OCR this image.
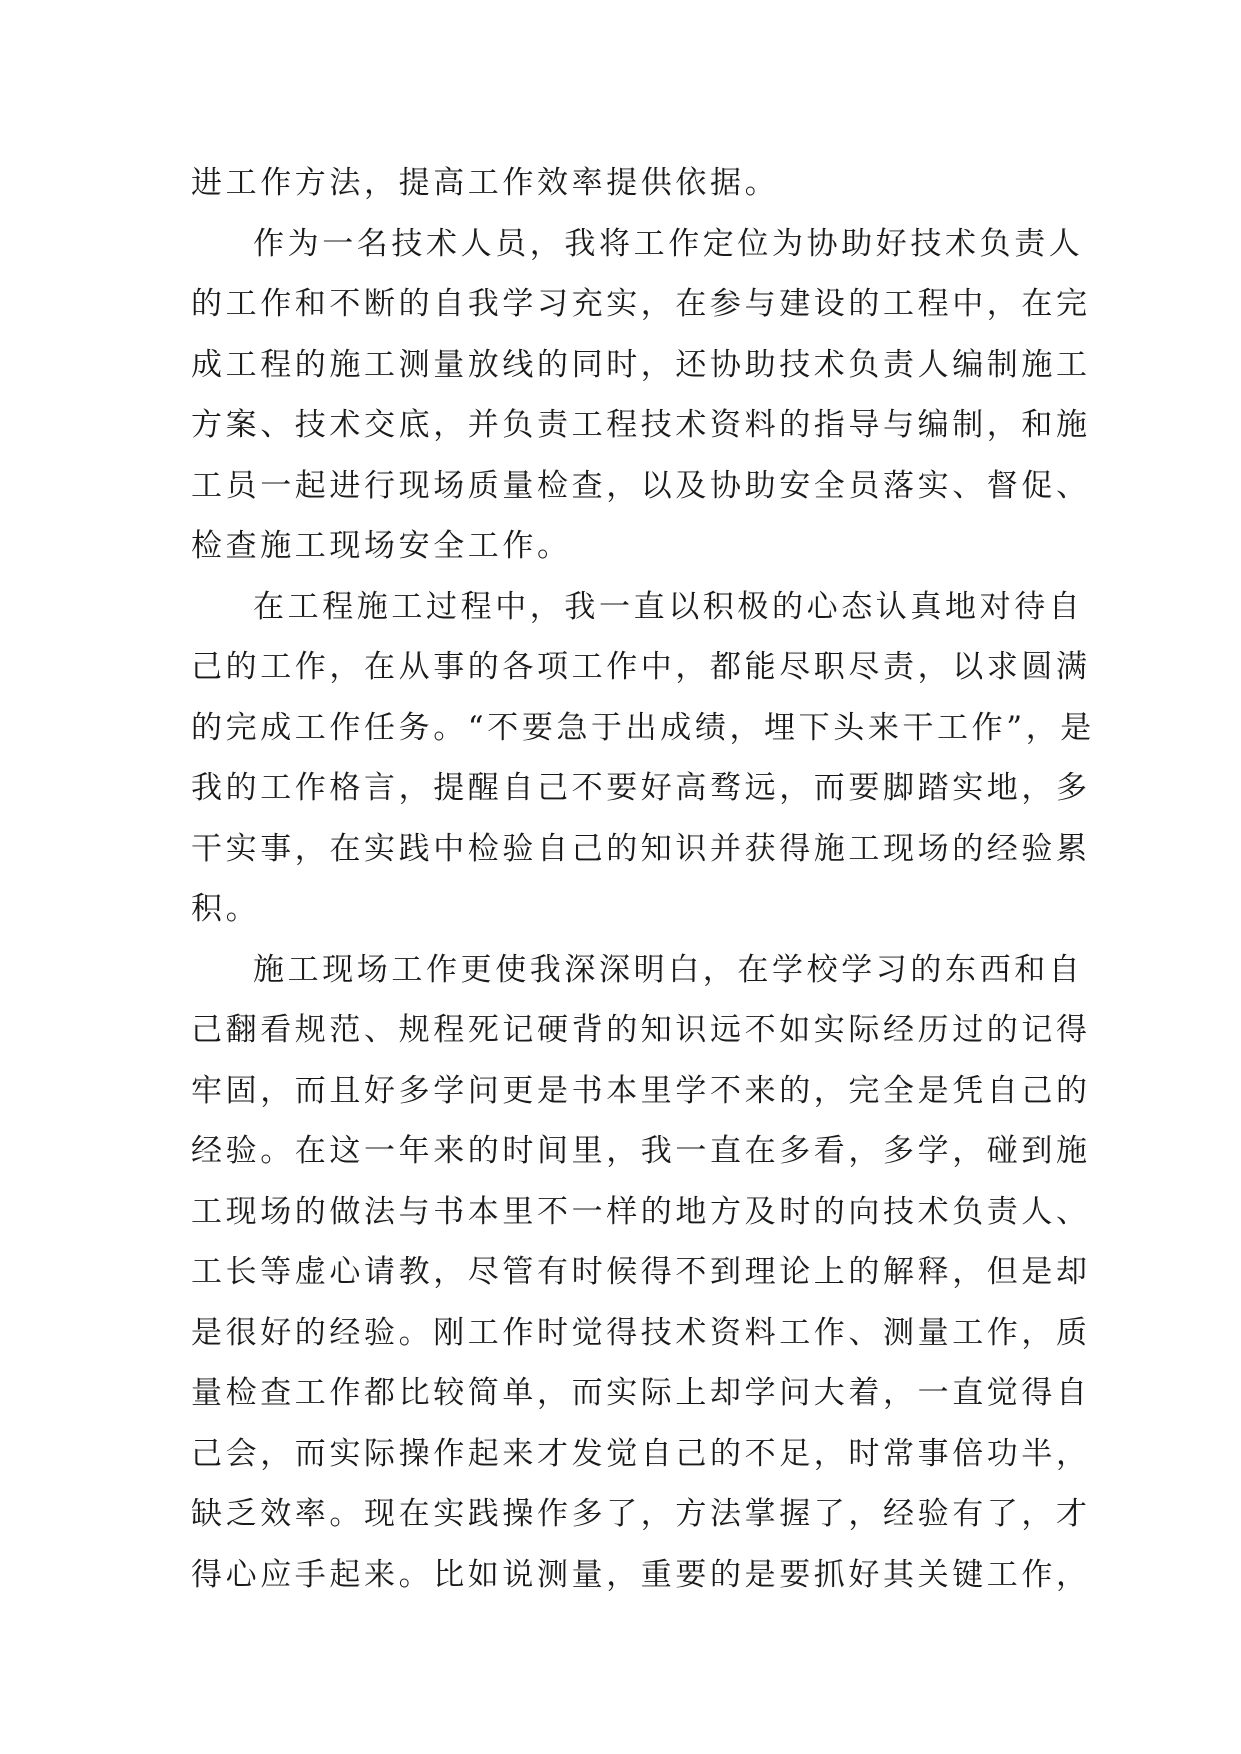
进工作方法，提高工作效率提供依据。
作为一名技术人员，我将工作定位为协助好技术负责人
的工作和不断的自我学习充实，在参与建设的工程中，在完
成工程的施工测量放线的同时，还协助技术负责人编制施工
方案、技术交底，并负责工程技术资料的指导与编制，和施
工员一起进行现场质量检查，以及协助安全员落实、督促、
检查施工现场安全工作。
在工程施工过程中，我一直以积极的心态认真地对待自
己的工作，在从事的各项工作中，都能尽职尽责，以求圆满
的完成工作任务。“不要急于出成绩，埋下头来干工作”，是
我的工作格言，提醒自己不要好高骛远，而要脚踏实地，多
干实事，在实践中检验自己的知识并获得施工现场的经验累
积。
施工现场工作更使我深深明白，在学校学习的东西和自
己翻看规范、规程死记硬背的知识远不如实际经历过的记得
牢固，而且好多学问更是书本里学不来的，完全是凭自己的
经验。在这一年来的时间里，我一直在多看，多学，碰到施
工现场的做法与书本里不一样的地方及时的向技术负责人、
工长等虚心请教，尽管有时候得不到理论上的解释，但是却
是很好的经验。刚工作时觉得技术资料工作、测量工作，质
量检查工作都比较简单，而实际上却学问大着，一直觉得自
己会，而实际操作起来才发觉自己的不足，时常事倍功半，
缺乏效率。现在实践操作多了，方法掌握了，经验有了，才
得心应手起来。比如说测量，重要的是要抓好其关键工作，
